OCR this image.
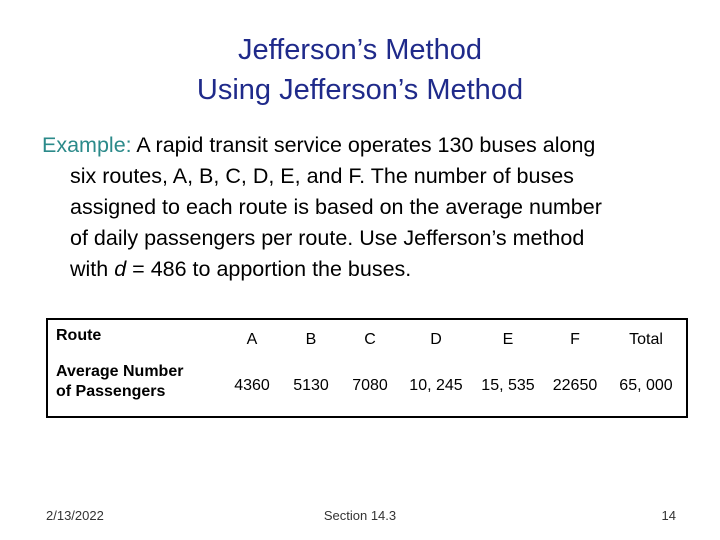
Jefferson’s Method
Using Jefferson’s Method
Example: A rapid transit service operates 130 buses along
six routes, A, B, C, D, E, and F. The number of buses
assigned to each route is based on the average number
of daily passengers per route. Use Jefferson’s method
with d = 486 to apportion the buses.
Route	A	B	C	D	E	F	Total

Average Number
of Passengers	4360	5130	7080	10, 245	15, 535	22650	65, 000
2/13/2022	Section 14.3	14
